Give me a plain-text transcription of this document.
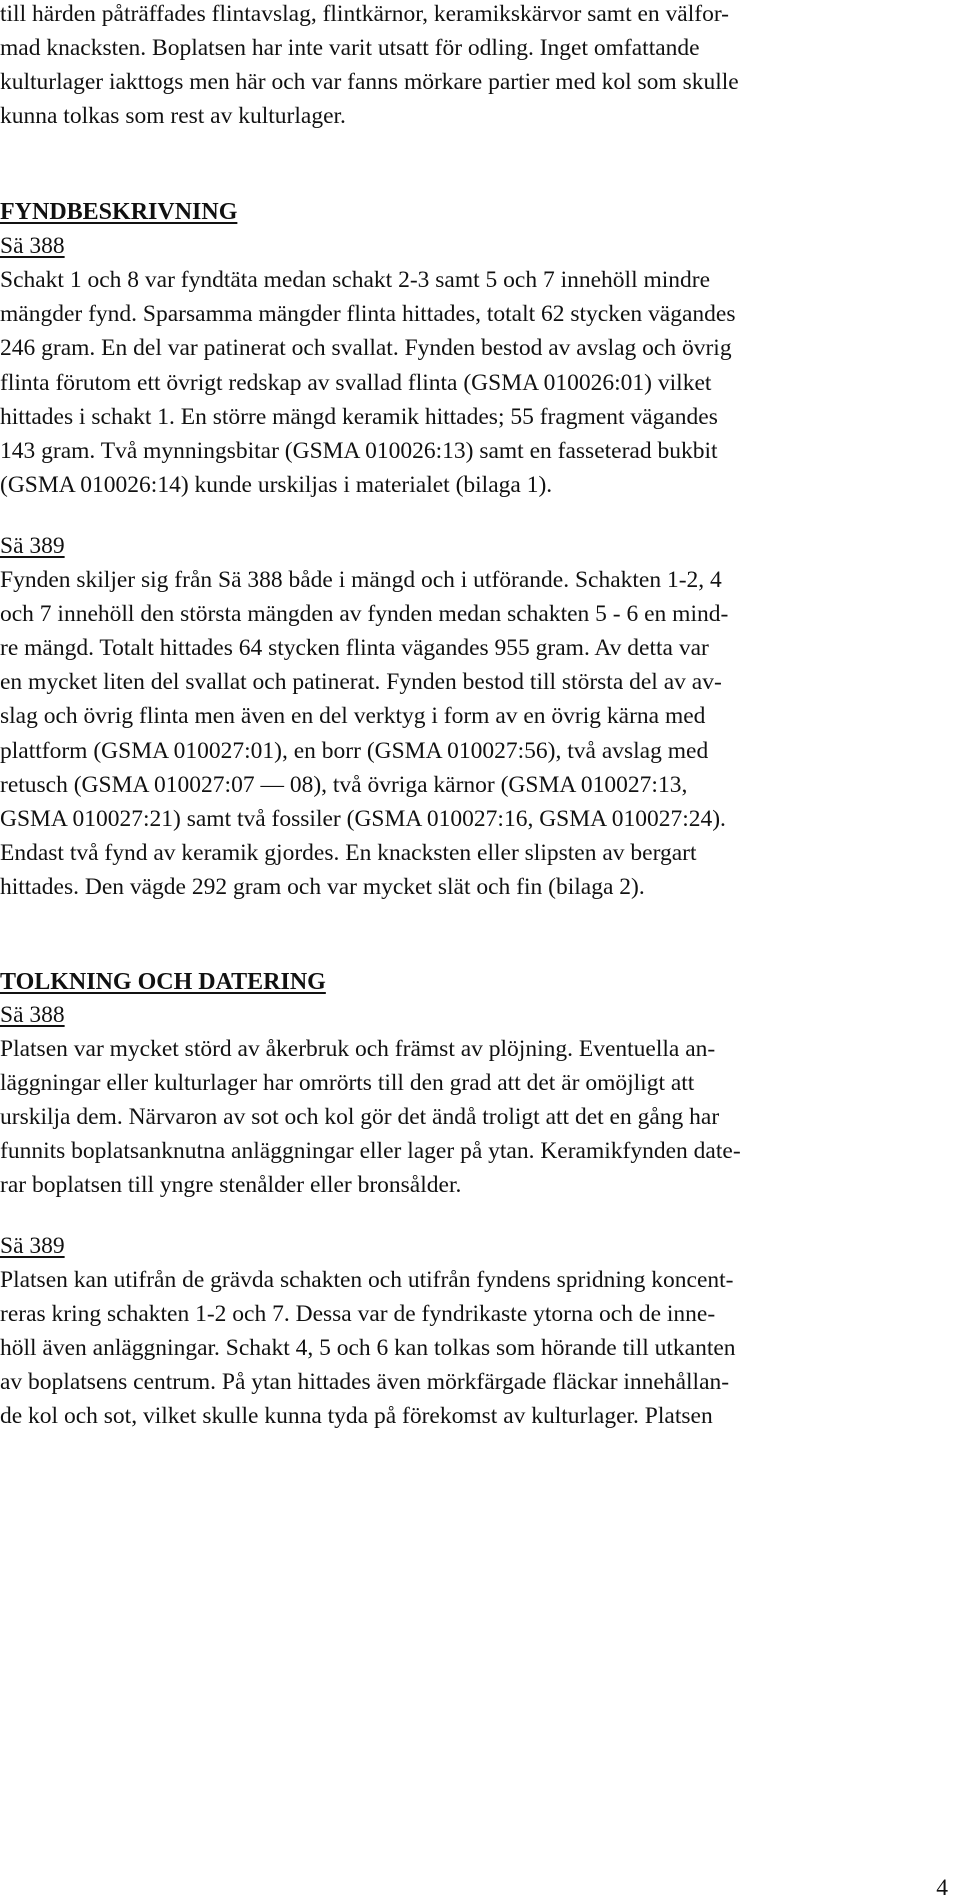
till härden påträffades flintavslag, flintkärnor, keramikskärvor samt en välfor-

mad knacksten. Boplatsen har inte varit utsatt för odling. Inget omfattande

kulturlager iakttogs men här och var fanns mörkare partier med kol som skulle

kunna tolkas som rest av kulturlager.

FYNDBESKRIVNING

Sä 388

Schakt 1 och 8 var fyndtäta medan schakt 2-3 samt 5 och 7 innehöll mindre

mängder fynd. Sparsamma mängder flinta hittades, totalt 62 stycken vägandes

246 gram. En del var patinerat och svallat. Fynden bestod av avslag och övrig

flinta förutom ett övrigt redskap av svallad flinta (GSMA 010026:01) vilket

hittades i schakt 1. En större mängd keramik hittades; 55 fragment vägandes

143 gram. Två mynningsbitar (GSMA 010026:13) samt en fasseterad bukbit

(GSMA 010026:14) kunde urskiljas i materialet (bilaga 1).

Sä 389

Fynden skiljer sig från Sä 388 både i mängd och i utförande. Schakten 1-2, 4

och 7 innehöll den största mängden av fynden medan schakten 5 - 6 en mind-

re mängd. Totalt hittades 64 stycken flinta vägandes 955 gram. Av detta var

en mycket liten del svallat och patinerat. Fynden bestod till största del av av-

slag och övrig flinta men även en del verktyg i form av en övrig kärna med

plattform (GSMA 010027:01), en borr (GSMA 010027:56), två avslag med

retusch (GSMA 010027:07 — 08), två övriga kärnor (GSMA 010027:13,

GSMA 010027:21) samt två fossiler (GSMA 010027:16, GSMA 010027:24).

Endast två fynd av keramik gjordes. En knacksten eller slipsten av bergart

hittades. Den vägde 292 gram och var mycket slät och fin (bilaga 2).

TOLKNING OCH DATERING

Sä 388

Platsen var mycket störd av åkerbruk och främst av plöjning. Eventuella an-

läggningar eller kulturlager har omrörts till den grad att det är omöjligt att

urskilja dem. Närvaron av sot och kol gör det ändå troligt att det en gång har

funnits boplatsanknutna anläggningar eller lager på ytan. Keramikfynden date-

rar boplatsen till yngre stenålder eller bronsålder.

Sä 389

Platsen kan utifrån de grävda schakten och utifrån fyndens spridning koncent-

reras kring schakten 1-2 och 7. Dessa var de fyndrikaste ytorna och de inne-

höll även anläggningar. Schakt 4, 5 och 6 kan tolkas som hörande till utkanten

av boplatsens centrum. På ytan hittades även mörkfärgade fläckar innehållan-

de kol och sot, vilket skulle kunna tyda på förekomst av kulturlager. Platsen

4
